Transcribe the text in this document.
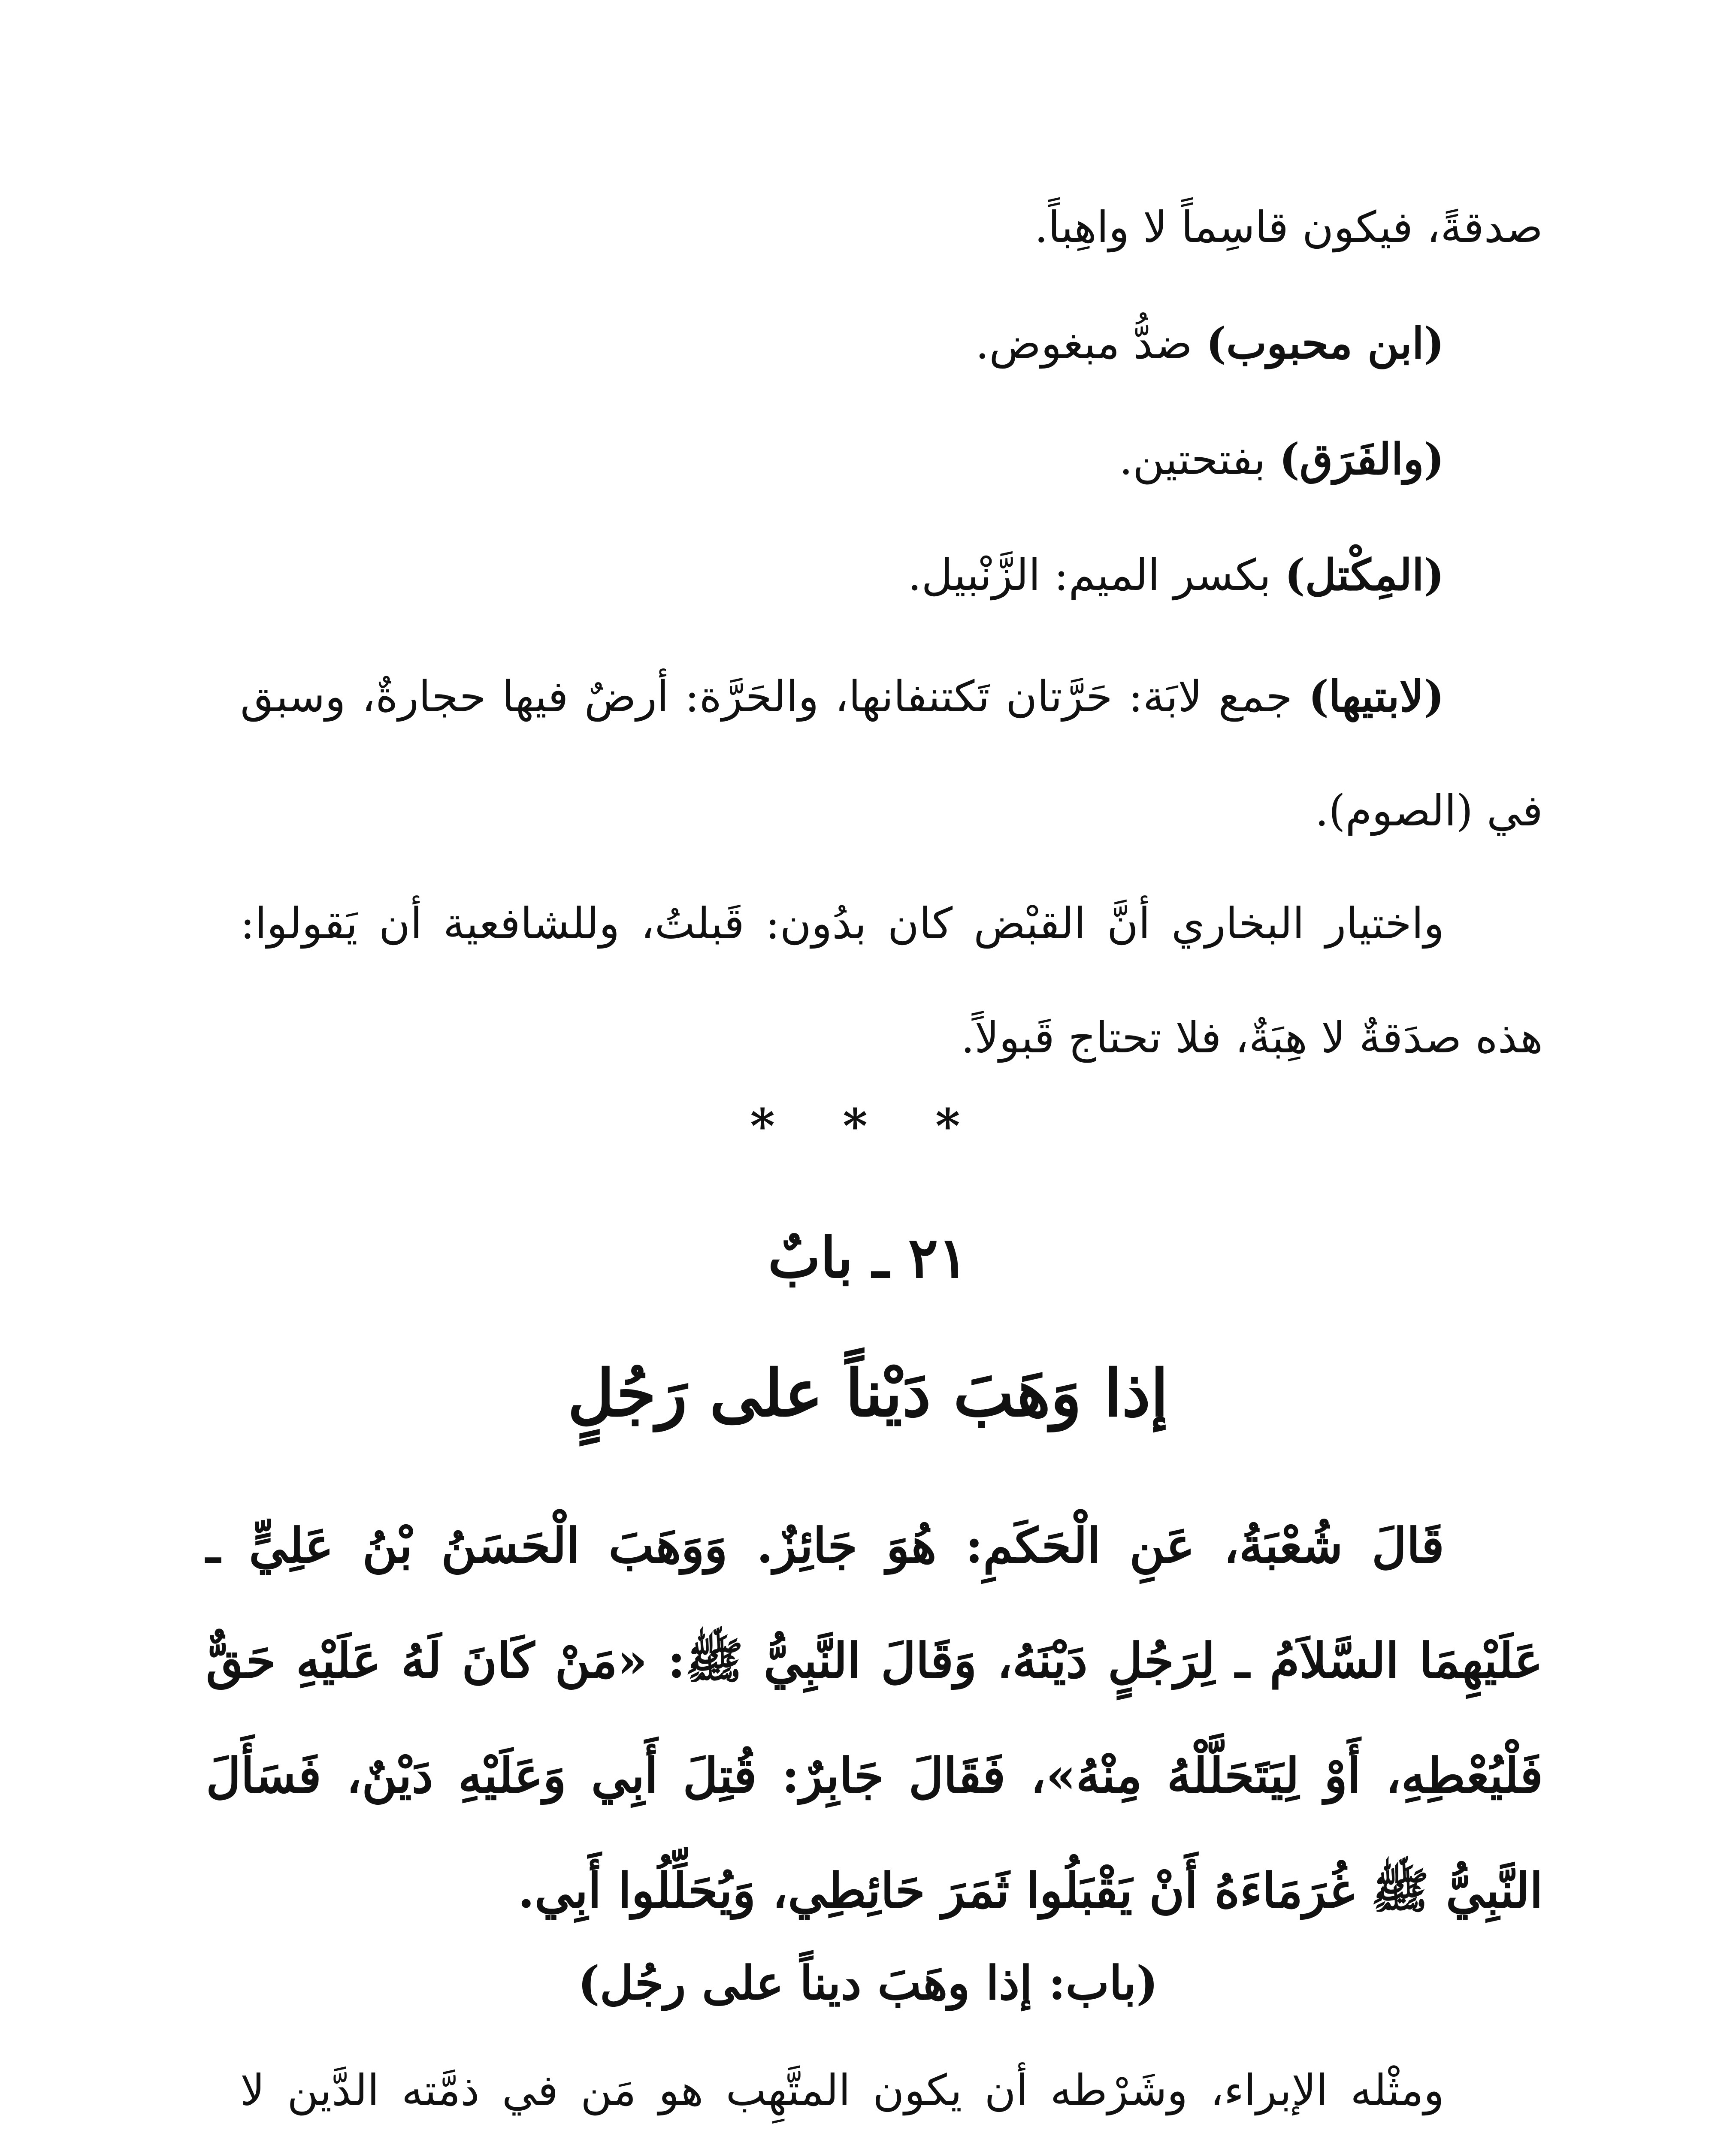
صدقةً، فيكون قاسِماً لا واهِباً.
(ابن محبوب) ضدُّ مبغوض.
(والفَرَق) بفتحتين.
(المِكْتل) بكسر الميم: الزَّنْبيل.
(لابتيها) جمع لابَة: حَرَّتان تَكتنفانها، والحَرَّة: أرضٌ فيها حجارةٌ، وسبق في (الصوم).
واختيار البخاري أنَّ القبْض كان بدُون: قَبلتُ، وللشافعية أن يَقولوا: هذه صدَقةٌ لا هِبَةٌ، فلا تحتاج قَبولاً.
* * *
٢١ ـ بابٌ
إذا وَهَبَ دَيْناً على رَجُلٍ
قَالَ شُعْبَةُ، عَنِ الْحَكَمِ: هُوَ جَائِزٌ. وَوَهَبَ الْحَسَنُ بْنُ عَلِيٍّ ـ عَلَيْهِمَا السَّلاَمُ ـ لِرَجُلٍ دَيْنَهُ، وَقَالَ النَّبِيُّ ﷺ: «مَنْ كَانَ لَهُ عَلَيْهِ حَقٌّ فَلْيُعْطِهِ، أَوْ لِيَتَحَلَّلْهُ مِنْهُ»، فَقَالَ جَابِرٌ: قُتِلَ أَبِي وَعَلَيْهِ دَيْنٌ، فَسَأَلَ النَّبِيُّ ﷺ غُرَمَاءَهُ أَنْ يَقْبَلُوا ثَمَرَ حَائِطِي، وَيُحَلِّلُوا أَبِي.
(باب: إذا وهَبَ ديناً على رجُل)
ومثْله الإبراء، وشَرْطه أن يكون المتَّهِب هو مَن في ذمَّته الدَّين لا
